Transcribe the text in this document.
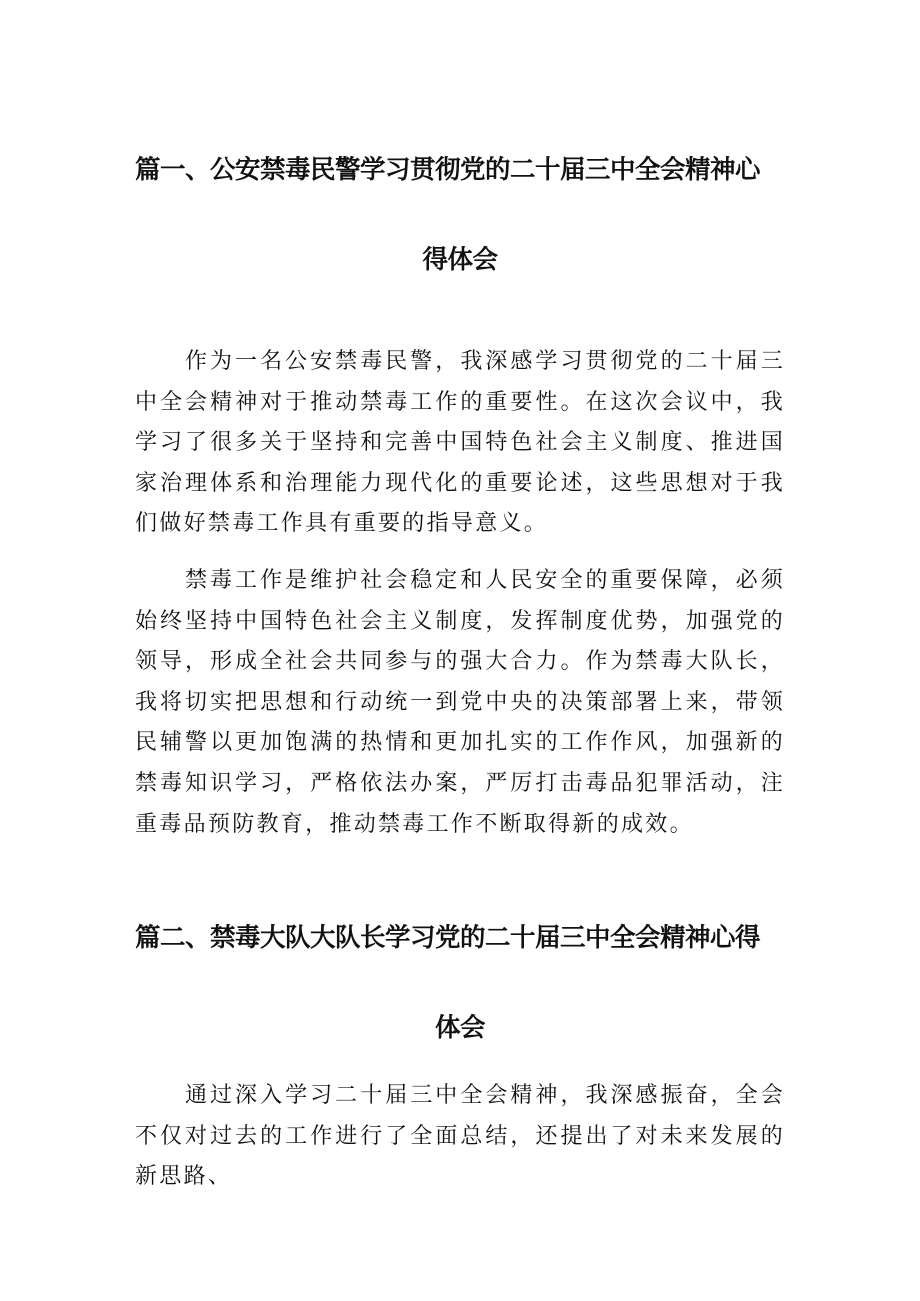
篇一、公安禁毒民警学习贯彻党的二十届三中全会精神心
得体会

作为一名公安禁毒民警，我深感学习贯彻党的二十届三中全会精神对于推动禁毒工作的重要性。在这次会议中，我学习了很多关于坚持和完善中国特色社会主义制度、推进国家治理体系和治理能力现代化的重要论述，这些思想对于我们做好禁毒工作具有重要的指导意义。

禁毒工作是维护社会稳定和人民安全的重要保障，必须始终坚持中国特色社会主义制度，发挥制度优势，加强党的领导，形成全社会共同参与的强大合力。作为禁毒大队长，我将切实把思想和行动统一到党中央的决策部署上来，带领民辅警以更加饱满的热情和更加扎实的工作作风，加强新的禁毒知识学习，严格依法办案，严厉打击毒品犯罪活动，注重毒品预防教育，推动禁毒工作不断取得新的成效。

篇二、禁毒大队大队长学习党的二十届三中全会精神心得
体会

通过深入学习二十届三中全会精神，我深感振奋，全会不仅对过去的工作进行了全面总结，还提出了对未来发展的新思路、
